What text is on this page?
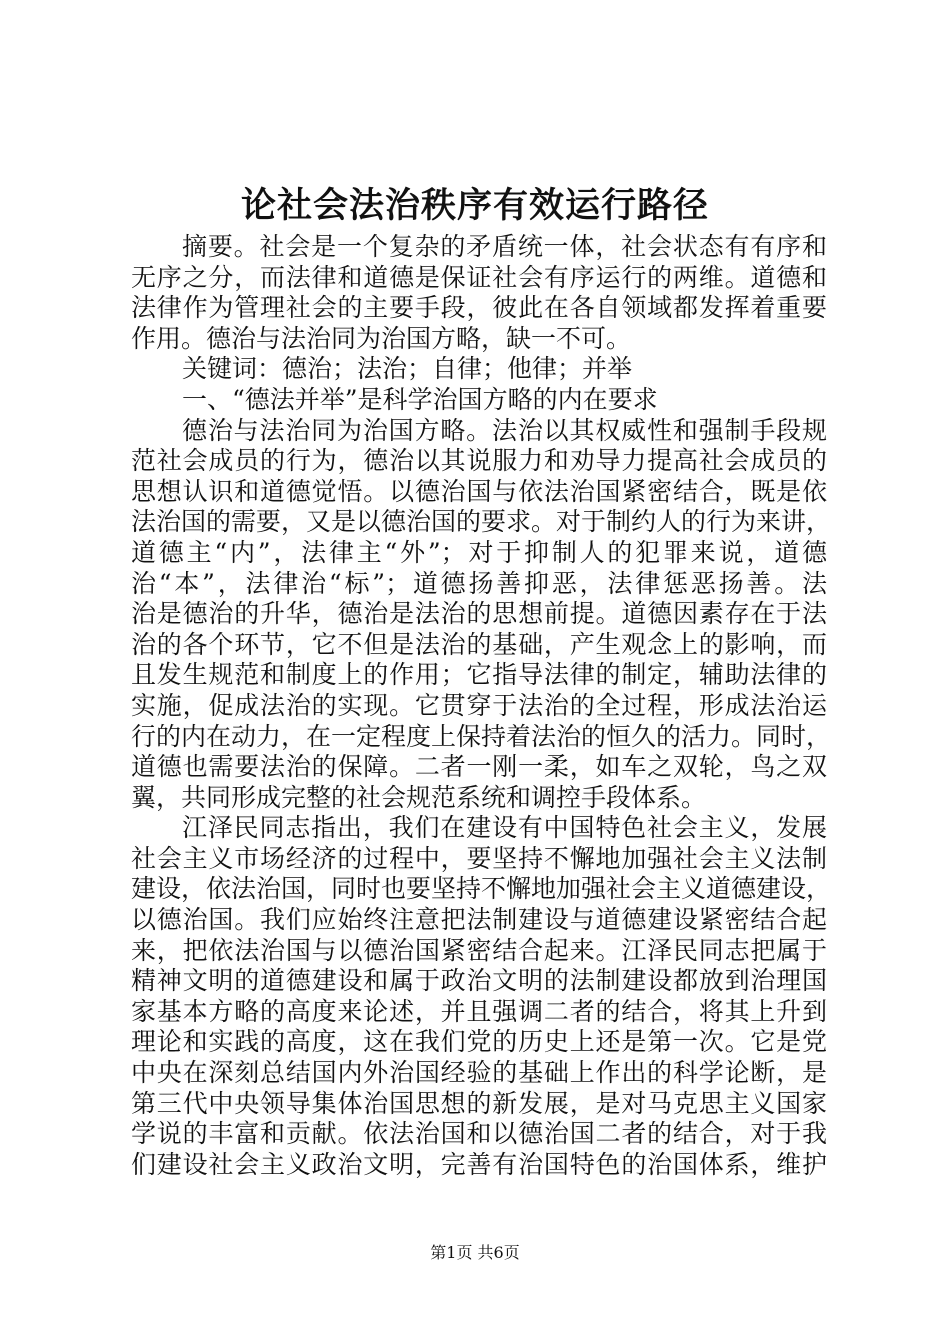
论社会法治秩序有效运行路径
摘要。社会是一个复杂的矛盾统一体，社会状态有有序和
无序之分，而法律和道德是保证社会有序运行的两维。道德和
法律作为管理社会的主要手段，彼此在各自领域都发挥着重要
作用。德治与法治同为治国方略，缺一不可。
关键词：德治；法治；自律；他律；并举
一、“德法并举”是科学治国方略的内在要求
德治与法治同为治国方略。法治以其权威性和强制手段规
范社会成员的行为，德治以其说服力和劝导力提高社会成员的
思想认识和道德觉悟。以德治国与依法治国紧密结合，既是依
法治国的需要，又是以德治国的要求。对于制约人的行为来讲，
道德主“内”，法律主“外”；对于抑制人的犯罪来说，道德
治“本”，法律治“标”；道德扬善抑恶，法律惩恶扬善。法
治是德治的升华，德治是法治的思想前提。道德因素存在于法
治的各个环节，它不但是法治的基础，产生观念上的影响，而
且发生规范和制度上的作用；它指导法律的制定，辅助法律的
实施，促成法治的实现。它贯穿于法治的全过程，形成法治运
行的内在动力，在一定程度上保持着法治的恒久的活力。同时，
道德也需要法治的保障。二者一刚一柔，如车之双轮，鸟之双
翼，共同形成完整的社会规范系统和调控手段体系。
江泽民同志指出，我们在建设有中国特色社会主义，发展
社会主义市场经济的过程中，要坚持不懈地加强社会主义法制
建设，依法治国，同时也要坚持不懈地加强社会主义道德建设，
以德治国。我们应始终注意把法制建设与道德建设紧密结合起
来，把依法治国与以德治国紧密结合起来。江泽民同志把属于
精神文明的道德建设和属于政治文明的法制建设都放到治理国
家基本方略的高度来论述，并且强调二者的结合，将其上升到
理论和实践的高度，这在我们党的历史上还是第一次。它是党
中央在深刻总结国内外治国经验的基础上作出的科学论断，是
第三代中央领导集体治国思想的新发展，是对马克思主义国家
学说的丰富和贡献。依法治国和以德治国二者的结合，对于我
们建设社会主义政治文明，完善有治国特色的治国体系，维护
第1页 共6页
